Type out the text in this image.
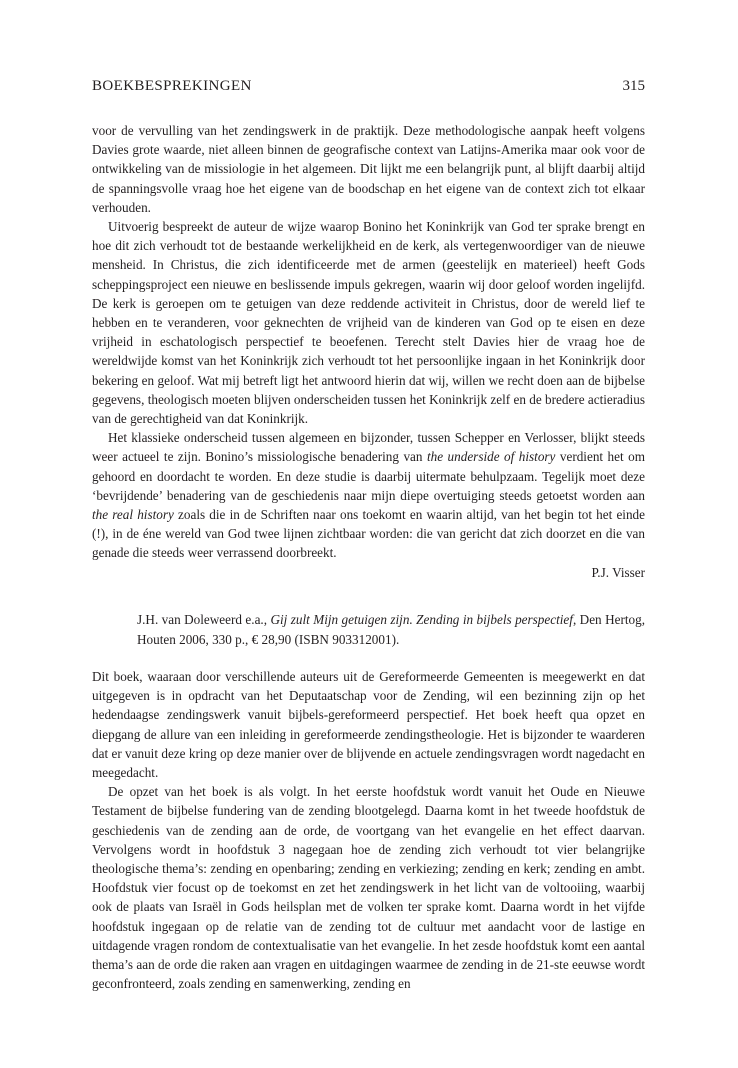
BOEKBESPREKINGEN	315

voor de vervulling van het zendingswerk in de praktijk. Deze methodologische aanpak heeft volgens Davies grote waarde, niet alleen binnen de geografische context van Latijns-Amerika maar ook voor de ontwikkeling van de missiologie in het algemeen. Dit lijkt me een belangrijk punt, al blijft daarbij altijd de spanningsvolle vraag hoe het eigene van de boodschap en het eigene van de context zich tot elkaar verhouden.

Uitvoerig bespreekt de auteur de wijze waarop Bonino het Koninkrijk van God ter sprake brengt en hoe dit zich verhoudt tot de bestaande werkelijkheid en de kerk, als vertegenwoordiger van de nieuwe mensheid. In Christus, die zich identificeerde met de armen (geestelijk en materieel) heeft Gods scheppingsproject een nieuwe en beslissende impuls gekregen, waarin wij door geloof worden ingelijfd. De kerk is geroepen om te getuigen van deze reddende activiteit in Christus, door de wereld lief te hebben en te veranderen, voor geknechten de vrijheid van de kinderen van God op te eisen en deze vrijheid in eschatologisch perspectief te beoefenen. Terecht stelt Davies hier de vraag hoe de wereldwijde komst van het Koninkrijk zich verhoudt tot het persoonlijke ingaan in het Koninkrijk door bekering en geloof. Wat mij betreft ligt het antwoord hierin dat wij, willen we recht doen aan de bijbelse gegevens, theologisch moeten blijven onderscheiden tussen het Koninkrijk zelf en de bredere actieradius van de gerechtigheid van dat Koninkrijk.

Het klassieke onderscheid tussen algemeen en bijzonder, tussen Schepper en Verlosser, blijkt steeds weer actueel te zijn. Bonino’s missiologische benadering van the underside of history verdient het om gehoord en doordacht te worden. En deze studie is daarbij uitermate behulpzaam. Tegelijk moet deze ‘bevrijdende’ benadering van de geschiedenis naar mijn diepe overtuiging steeds getoetst worden aan the real history zoals die in de Schriften naar ons toekomt en waarin altijd, van het begin tot het einde (!), in de éne wereld van God twee lijnen zichtbaar worden: die van gericht dat zich doorzet en die van genade die steeds weer verrassend doorbreekt.

P.J. Visser

J.H. van Doleweerd e.a., Gij zult Mijn getuigen zijn. Zending in bijbels perspectief, Den Hertog, Houten 2006, 330 p., € 28,90 (ISBN 903312001).

Dit boek, waaraan door verschillende auteurs uit de Gereformeerde Gemeenten is meegewerkt en dat uitgegeven is in opdracht van het Deputaatschap voor de Zending, wil een bezinning zijn op het hedendaagse zendingswerk vanuit bijbels-gereformeerd perspectief. Het boek heeft qua opzet en diepgang de allure van een inleiding in gereformeerde zendingstheologie. Het is bijzonder te waarderen dat er vanuit deze kring op deze manier over de blijvende en actuele zendingsvragen wordt nagedacht en meegedacht.

De opzet van het boek is als volgt. In het eerste hoofdstuk wordt vanuit het Oude en Nieuwe Testament de bijbelse fundering van de zending blootgelegd. Daarna komt in het tweede hoofdstuk de geschiedenis van de zending aan de orde, de voortgang van het evangelie en het effect daarvan. Vervolgens wordt in hoofdstuk 3 nagegaan hoe de zending zich verhoudt tot vier belangrijke theologische thema’s: zending en openbaring; zending en verkiezing; zending en kerk; zending en ambt. Hoofdstuk vier focust op de toekomst en zet het zendingswerk in het licht van de voltooiing, waarbij ook de plaats van Israël in Gods heilsplan met de volken ter sprake komt. Daarna wordt in het vijfde hoofdstuk ingegaan op de relatie van de zending tot de cultuur met aandacht voor de lastige en uitdagende vragen rondom de contextualisatie van het evangelie. In het zesde hoofdstuk komt een aantal thema’s aan de orde die raken aan vragen en uitdagingen waarmee de zending in de 21-ste eeuwse wordt geconfronteerd, zoals zending en samenwerking, zending en
